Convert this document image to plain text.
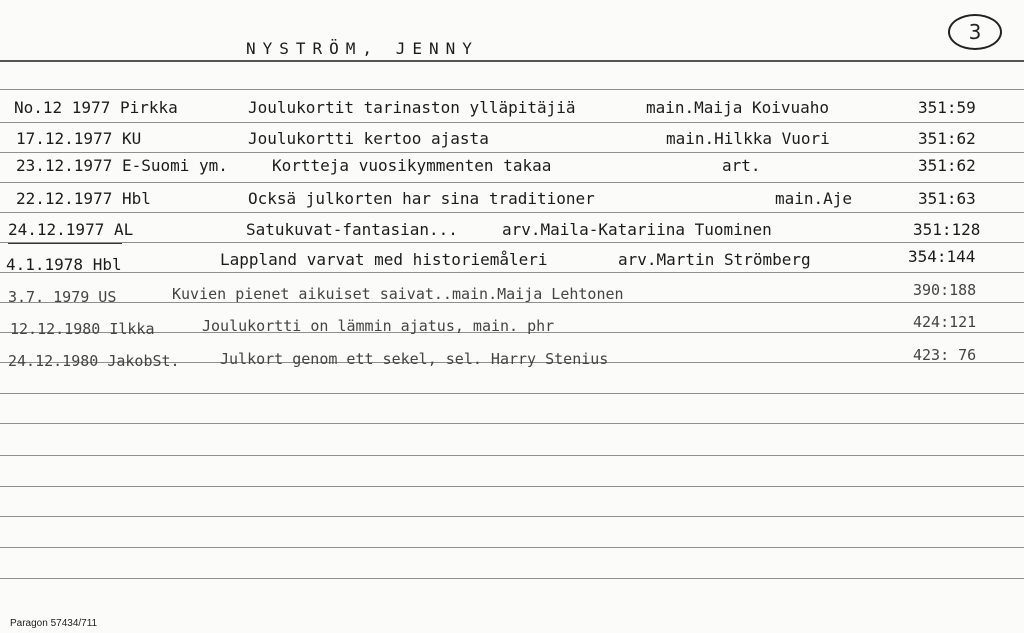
NYSTRÖM, JENNY
3
No.12 1977 Pirkka	Joulukortit tarinaston ylläpitäjiä	main.Maija Koivuaho	351:59
17.12.1977 KU	Joulukortti kertoo ajasta	main.Hilkka Vuori	351:62
23.12.1977 E-Suomi ym.	Kortteja vuosikymmenten takaa	art.	351:62
22.12.1977 Hbl	Ocksä julkorten har sina traditioner	main.Aje	351:63
24.12.1977 AL	Satukuvat-fantasian...	arv.Maila-Katariina Tuominen	351:128
4.1.1978 Hbl	Lappland varvat med historiemåleri	arv.Martin Strömberg	354:144
3.7. 1979 US	Kuvien pienet aikuiset saivat..main.Maija Lehtonen	390:188
12.12.1980 Ilkka	Joulukortti on lämmin ajatus, main. phr	424:121
24.12.1980 JakobSt.	Julkort genom ett sekel, sel. Harry Stenius	423: 76
Paragon 57434/711
